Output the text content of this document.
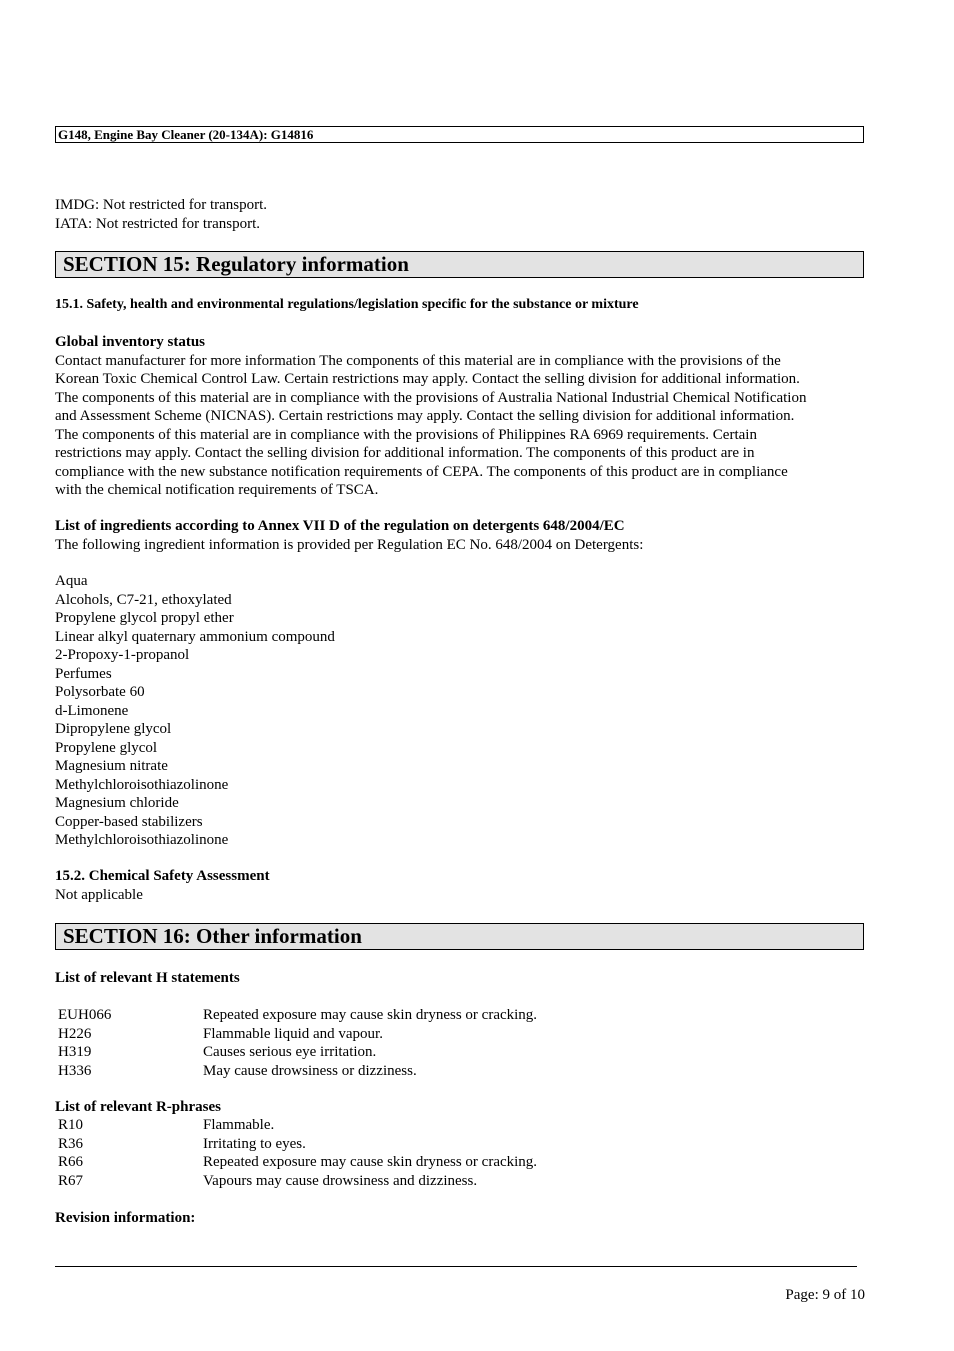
G148, Engine Bay Cleaner (20-134A): G14816
IMDG: Not restricted for transport.
IATA: Not restricted for transport.
SECTION 15: Regulatory information
15.1. Safety, health and environmental regulations/legislation specific for the substance or mixture
Global inventory status
Contact manufacturer for more information The components of this material are in compliance with the provisions of the
Korean Toxic Chemical Control Law. Certain restrictions may apply. Contact the selling division for additional information.
The components of this material are in compliance with the provisions of Australia National Industrial Chemical Notification
and Assessment Scheme (NICNAS). Certain restrictions may apply. Contact the selling division for additional information.
The components of this material are in compliance with the provisions of Philippines RA 6969 requirements. Certain
restrictions may apply. Contact the selling division for additional information. The components of this product are in
compliance with the new substance notification requirements of CEPA. The components of this product are in compliance
with the chemical notification requirements of TSCA.
List of ingredients according to Annex VII D of the regulation on detergents 648/2004/EC
The following ingredient information is provided per Regulation EC No. 648/2004 on Detergents:
Aqua
Alcohols, C7-21, ethoxylated
Propylene glycol propyl ether
Linear alkyl quaternary ammonium compound
2-Propoxy-1-propanol
Perfumes
Polysorbate 60
d-Limonene
Dipropylene glycol
Propylene glycol
Magnesium nitrate
Methylchloroisothiazolinone
Magnesium chloride
Copper-based stabilizers
Methylchloroisothiazolinone
15.2. Chemical Safety Assessment
Not applicable
SECTION 16: Other information
List of relevant H statements
EUH066	Repeated exposure may cause skin dryness or cracking.
H226	Flammable liquid and vapour.
H319	Causes serious eye irritation.
H336	May cause drowsiness or dizziness.
List of relevant R-phrases
R10	Flammable.
R36	Irritating to eyes.
R66	Repeated exposure may cause skin dryness or cracking.
R67	Vapours may cause drowsiness and dizziness.
Revision information:
Page: 9 of 10
